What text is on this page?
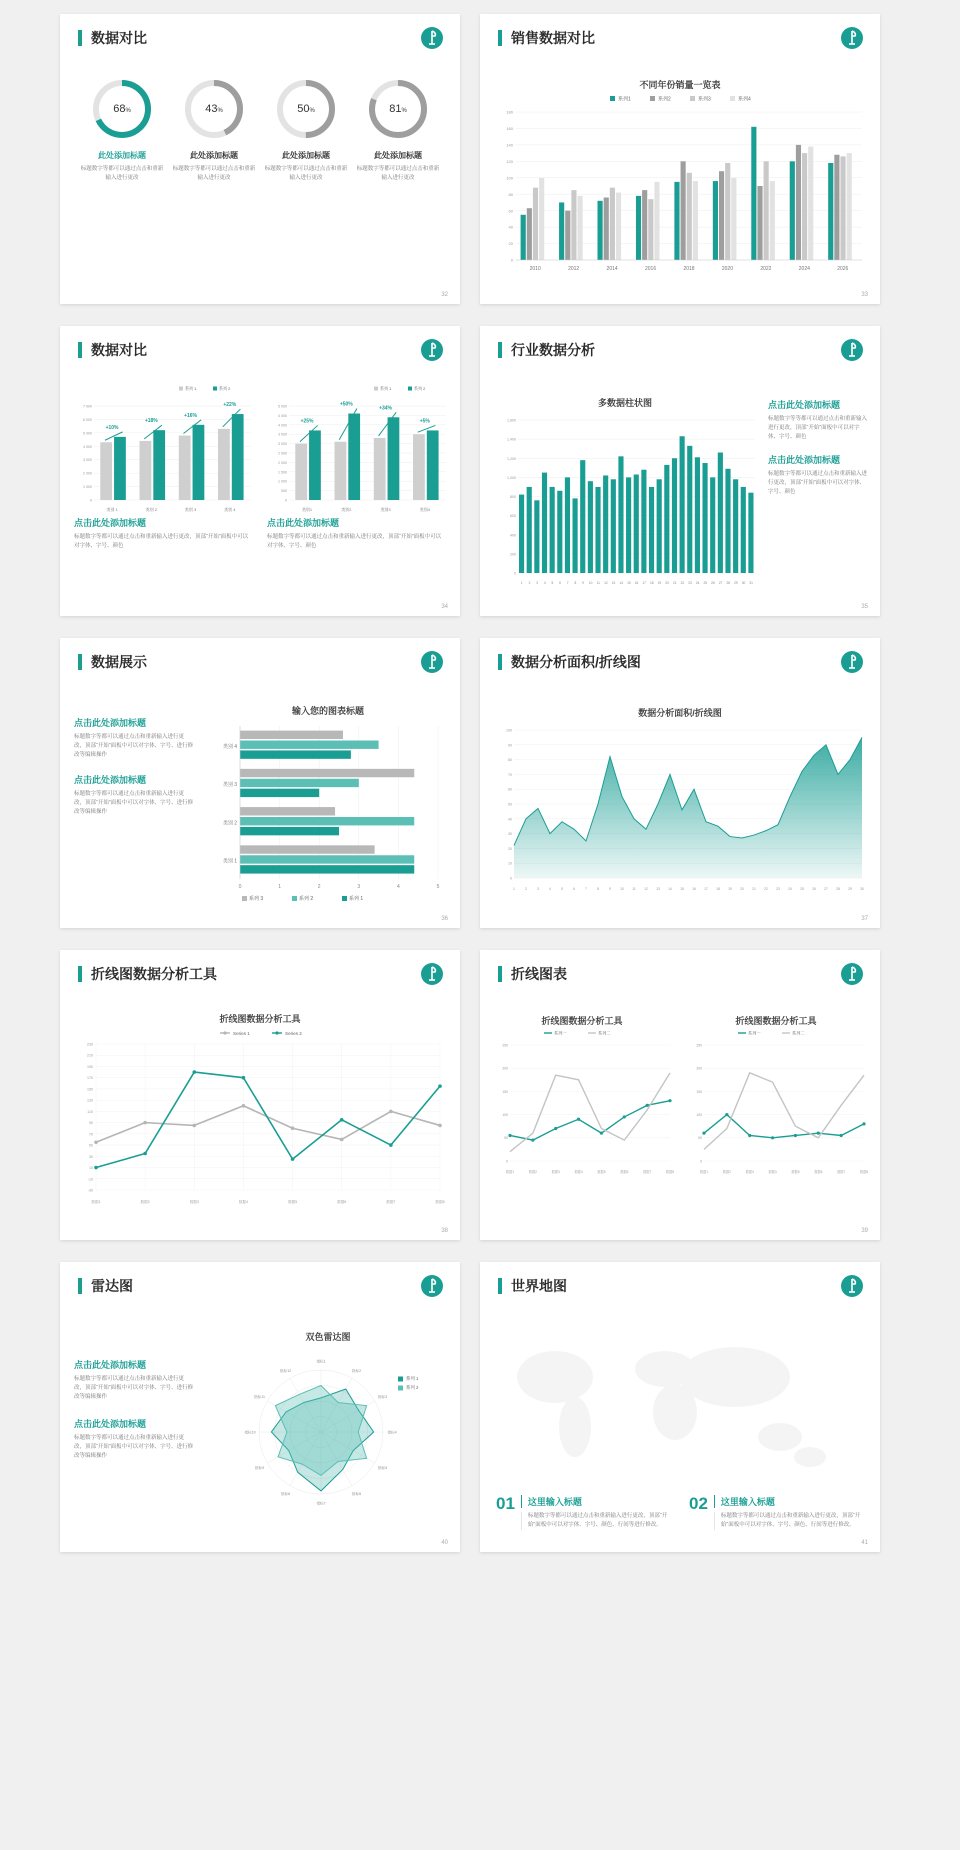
数据对比
68%
此处添加标题
标题数字等都可以通过点击和重新输入进行更改
43%
此处添加标题
标题数字等都可以通过点击和重新输入进行更改
50%
此处添加标题
标题数字等都可以通过点击和重新输入进行更改
81%
此处添加标题
标题数字等都可以通过点击和重新输入进行更改
32
销售数据对比
不同年份销量一览表
0
20
40
60
80
100
120
140
160
180
2010	2012	2014	2016	2018	2020	2022	2024	2026
系列1	系列2	系列3	系列4
33
数据对比
7 000
6 000
5 000
4 000
3 000
2 000
1 000
0
+10%
类别 1
+18%
类别 2
+16%
类别 3
+22%
类别 4
系列 1	系列 2
5 000
4 500
4 000
3 500
3 000
2 500
2 000
1 500
1 000
500
0
+25%
类别1
+50%
类别2
+34%
类别3
+5%
类别4
系列 1	系列 2
点击此处添加标题
标题数字等都可以通过点击和重新输入进行更改，顶部“开始”面板中可以对字体、字号、颜色
点击此处添加标题
标题数字等都可以通过点击和重新输入进行更改，顶部“开始”面板中可以对字体、字号、颜色
34
行业数据分析
多数据柱状图
1,600
1,400
1,200
1,000
800
600
400
200
0
1 2 3 4 5 6 7 8 9 10 11 12 13 14 15 16 17 18 19 20 21 22 23 24 25 26 27 28 29 30 31
点击此处添加标题
标题数字等等都可以通过点击和重新输入进行更改，顶部“开始”面板中可以对字体、字号、颜色
点击此处添加标题
标题数字等都可以通过点击和重新输入进行更改，顶部“开始”面板中可以对字体、字号、颜色
35
数据展示
点击此处添加标题
标题数字等都可以通过点击和重新输入进行更改，顶部“开始”面板中可以对字体、字号、进行修改等编辑操作
点击此处添加标题
标题数字等都可以通过点击和重新输入进行更改，顶部“开始”面板中可以对字体、字号、进行修改等编辑操作
输入您的图表标题
0	1	2	3	4	5
类别 1
类别 2
类别 3
类别 4
系列 3	系列 2	系列 1
36
数据分析面积/折线图
数据分析面积/折线图
100
90
80
70
60
50
40
30
20
10
0
1	2	3	4	5	6	7	8	9	10 11 12 13 14 15 16 17 18 19 20 21 22 23 24 25 26 27 28 29 30
37
折线图数据分析工具
折线图数据分析工具
230
210
190
170
150
130
110
90
70
50
30
10
-10
-30
数据1	数据2	数据3	数据4	数据5	数据6	数据7	数据8
Series 1	Series 2
38
折线图表
折线图数据分析工具
250
200
150
100
50
0
数据1	数据2	数据3	数据4	数据5	数据6	数据7	数据8
系列一	系列二
折线图数据分析工具
250
200
150
100
50
0
数据1	数据2	数据3	数据4	数据5	数据6	数据7	数据8
系列一	系列二
39
雷达图
点击此处添加标题
标题数字等都可以通过点击和重新输入进行更改，顶部“开始”面板中可以对字体、字号、进行修改等编辑操作
点击此处添加标题
标题数字等都可以通过点击和重新输入进行更改，顶部“开始”面板中可以对字体、字号、进行修改等编辑操作
双色雷达图
指标1
指标2
指标3
指标4
指标5
指标6
指标7
指标8
指标9
指标10
指标11
指标12
系列 1
系列 2
40
世界地图
01	这里输入标题
标题数字等都可以通过点击和重新输入进行更改，顶部“开始”面板中可以对字体、字号、颜色、行间等进行修改。
02	这里输入标题
标题数字等都可以通过点击和重新输入进行更改，顶部“开始”面板中可以对字体、字号、颜色、行间等进行修改。
41
